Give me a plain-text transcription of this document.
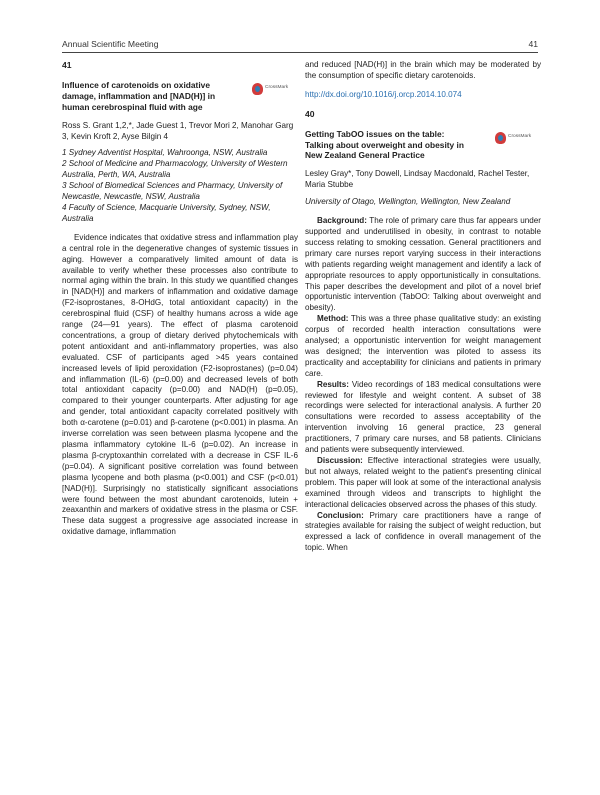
Annual Scientific Meeting	41
41

Influence of carotenoids on oxidative damage, inflammation and [NAD(H)] in human cerebrospinal fluid with age

CrossMark
Ross S. Grant 1,2,*, Jade Guest 1, Trevor Mori 2, Manohar Garg 3, Kevin Kroft 2, Ayse Bilgin 4

1 Sydney Adventist Hospital, Wahroonga, NSW, Australia

2 School of Medicine and Pharmacology, University of Western Australia, Perth, WA, Australia

3 School of Biomedical Sciences and Pharmacy, University of Newcastle, Newcastle, NSW, Australia

4 Faculty of Science, Macquarie University, Sydney, NSW, Australia

Evidence indicates that oxidative stress and inflammation play a central role in the degenerative changes of systemic tissues in aging. However a comparatively limited amount of data is available to verify whether these processes also contribute to normal aging within the brain. In this study we quantified changes in [NAD(H)] and markers of inflammation and oxidative damage (F2-isoprostanes, 8-OHdG, total antioxidant capacity) in the cerebrospinal fluid (CSF) of healthy humans across a wide age range (24—91 years). The effect of plasma carotenoid concentrations, a group of dietary derived phytochemicals with potent antioxidant and anti-inflammatory properties, was also evaluated. CSF of participants aged >45 years contained increased levels of lipid peroxidation (F2-isoprostanes) (p=0.04) and inflammation (IL-6) (p=0.00) and decreased levels of both total antioxidant capacity (p=0.00) and NAD(H) (p=0.05), compared to their younger counterparts. After adjusting for age and gender, total antioxidant capacity correlated positively with both α-carotene (p=0.01) and β-carotene (p<0.001) in plasma. An inverse correlation was seen between plasma lycopene and the plasma inflammatory cytokine IL-6 (p=0.02). An increase in plasma β-cryptoxanthin correlated with a decrease in CSF IL-6 (p=0.04). A significant positive correlation was found between plasma lycopene and both plasma (p<0.001) and CSF (p<0.01) [NAD(H)]. Surprisingly no statistically significant associations were found between the most abundant carotenoids, lutein + zeaxanthin and markers of oxidative stress in the plasma or CSF. These data suggest a progressive age associated increase in oxidative damage, inflammation

and reduced [NAD(H)] in the brain which may be moderated by the consumption of specific dietary carotenoids.

http://dx.doi.org/10.1016/j.orcp.2014.10.074
40

Getting TabOO issues on the table: Talking about overweight and obesity in New Zealand General Practice

CrossMark
Lesley Gray*, Tony Dowell, Lindsay Macdonald, Rachel Tester, Maria Stubbe

University of Otago, Wellington, Wellington, New Zealand

Background: The role of primary care thus far appears under supported and underutilised in obesity, in contrast to notable success relating to smoking cessation. General practitioners and primary care nurses report varying success in their interactions with patients regarding weight management and identify a lack of appropriate resources to apply opportunistically in consultations. This paper describes the development and pilot of a novel brief opportunistic intervention (TabOO: Talking about overweight and obesity).

Method: This was a three phase qualitative study: an existing corpus of recorded health interaction consultations were analysed; a opportunistic intervention for weight management was designed; the intervention was piloted to assess its practicality and acceptability for clinicians and patients in primary care.

Results: Video recordings of 183 medical consultations were reviewed for lifestyle and weight content. A subset of 38 recordings were selected for interactional analysis. A further 20 consultations were recorded to assess acceptability of the intervention involving 16 general practice, 23 general practitioners, 7 primary care nurses, and 58 patients. Clinicians and patients were subsequently interviewed.

Discussion: Effective interactional strategies were usually, but not always, related weight to the patient's presenting clinical problem. This paper will look at some of the interactional analysis examined through videos and transcripts to highlight the interactional delicacies observed across the phases of this study.

Conclusion: Primary care practitioners have a range of strategies available for raising the subject of weight reduction, but expressed a lack of confidence in overall management of the topic. When
